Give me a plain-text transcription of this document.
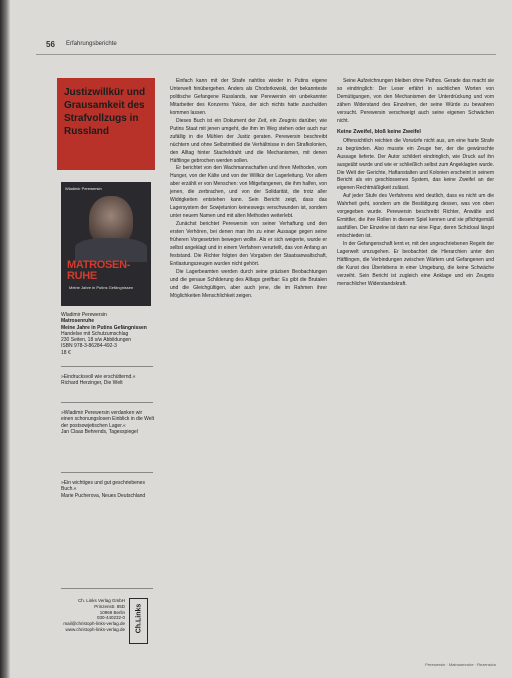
56 Erfahrungsberichte
Justizwillkür und Grausamkeit des Strafvollzugs in Russland
Wladimir Perewersin
MATROSEN-
RUHE
Meine Jahre in Putins Gefängnissen
Wladimir Perewersin
Matrosenruhe
Meine Jahre in Putins Gefängnissen
Handelse mit Schutzumschlag
230 Seiten, 18 s/w Abbildungen
ISBN 978-3-86284-492-3
18 €
»Eindrucksvoll wie erschütternd.«
Richard Herzinger, Die Welt
»Wladimir Perewersin verdanken wir einen schonungslosen Einblick in die Welt der postsowjetischen Lager.«
Jan Claas Behrends, Tagesspiegel
»Ein wichtiges und gut geschriebenes Buch.«
Marie Pucherova, Neues Deutschland
Ch. Links Verlag GmbH
Prinzenstr. 85D
10969 Berlin
030-440232-0
mail@christoph-links-verlag.de
www.christoph-links-verlag.de Ch.Links

Einfach kann mit der Strafe nahtlos wieder in Putins eigene Unterwelt hinübergehen. Anders als Chodorkowski, der bekannteste politische Gefangene Russlands, war Perewersin ein unbekannter Mitarbeiter des Konzerns Yukos, der sich nichts hatte zuschulden kommen lassen.

Dieses Buch ist ein Dokument der Zeit, ein Zeugnis darüber, wie Putins Staat mit jenen umgeht, die ihm im Weg stehen oder auch nur zufällig in die Mühlen der Justiz geraten. Perewersin beschreibt nüchtern und ohne Selbstmitleid die Verhältnisse in den Strafkolonien, den Alltag hinter Stacheldraht und die Mechanismen, mit denen Häftlinge gebrochen werden sollen.

Er berichtet von den Wachmannschaften und ihren Methoden, vom Hunger, von der Kälte und von der Willkür der Lagerleitung. Vor allem aber erzählt er von Menschen: von Mitgefangenen, die ihm halfen, von jenen, die zerbrachen, und von der Solidarität, die trotz aller Widrigkeiten entstehen kann. Sein Bericht zeigt, dass das Lagersystem der Sowjetunion keineswegs verschwunden ist, sondern unter neuem Namen und mit alten Methoden weiterlebt.

Zunächst berichtet Perewersin von seiner Verhaftung und den ersten Verhören, bei denen man ihn zu einer Aussage gegen seine früheren Vorgesetzten bewegen wollte. Als er sich weigerte, wurde er selbst angeklagt und in einem Verfahren verurteilt, das von Anfang an feststand. Die Richter folgten den Vorgaben der Staatsanwaltschaft, Entlastungszeugen wurden nicht gehört.

Die Lagerbeamten werden durch seine präzisen Beobachtungen und die genaue Schilderung des Alltags greifbar: Es gibt die Brutalen und die Gleichgültigen, aber auch jene, die im Rahmen ihrer Möglichkeiten Menschlichkeit zeigen.

Seine Aufzeichnungen bleiben ohne Pathos. Gerade das macht sie so eindringlich: Der Leser erfährt in sachlichen Worten von Demütigungen, von den Mechanismen der Unterdrückung und vom zähen Widerstand des Einzelnen, der seine Würde zu bewahren versucht. Perewersin verschweigt auch seine eigenen Schwächen nicht.

Keine Zweifel, bloß keine Zweifel

Offensichtlich reichten die Vorwürfe nicht aus, um eine harte Strafe zu begründen. Also musste ein Zeuge her, der die gewünschte Aussage lieferte. Der Autor schildert eindringlich, wie Druck auf ihn ausgeübt wurde und wie er schließlich selbst zum Angeklagten wurde. Die Welt der Gerichte, Haftanstalten und Kolonien erscheint in seinem Bericht als ein geschlossenes System, das keine Zweifel an der eigenen Rechtmäßigkeit zulässt.

Auf jeder Stufe des Verfahrens wird deutlich, dass es nicht um die Wahrheit geht, sondern um die Bestätigung dessen, was von oben vorgegeben wurde. Perewersin beschreibt Richter, Anwälte und Ermittler, die ihre Rollen in diesem Spiel kennen und sie pflichtgemäß ausfüllen. Der Einzelne ist darin nur eine Figur, deren Schicksal längst entschieden ist.

In der Gefangenschaft lernt er, mit den ungeschriebenen Regeln der Lagerwelt umzugehen. Er beobachtet die Hierarchien unter den Häftlingen, die Verbindungen zwischen Wärtern und Gefangenen und die Kunst des Überlebens in einer Umgebung, die keine Schwäche verzeiht. Sein Bericht ist zugleich eine Anklage und ein Zeugnis menschlicher Widerstandskraft.

Perewersin · Matrosenruhe · Rezension
